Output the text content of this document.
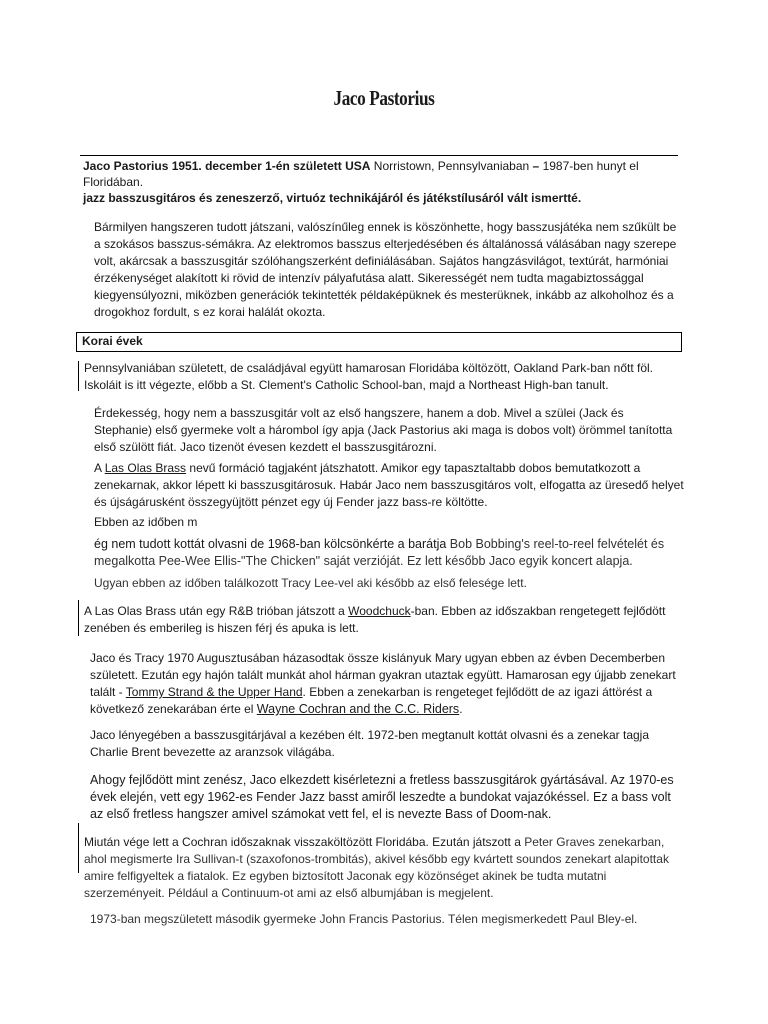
Jaco Pastorius
Jaco Pastorius 1951. december 1-én született USA Norristown, Pennsylvaniaban – 1987-ben hunyt el Floridában.
jazz basszusgitáros és zeneszerző, virtuóz technikájáról és játékstílusáról vált ismertté.
Bármilyen hangszeren tudott játszani, valószínűleg ennek is köszönhette, hogy basszusjátéka nem szűkült be a szokásos basszus-sémákra. Az elektromos basszus elterjedésében és általánossá válásában nagy szerepe volt, akárcsak a basszusgitár szólóhangszerként definiálásában. Sajátos hangzásvilágot, textúrát, harmóniai érzékenységet alakított ki rövid de intenzív pályafutása alatt. Sikerességét nem tudta magabiztossággal kiegyensúlyozni, miközben generációk tekintették példaképüknek és mesterüknek, inkább az alkoholhoz és a drogokhoz fordult, s ez korai halálát okozta.
Korai évek
Pennsylvaniában született, de családjával együtt hamarosan Floridába költözött, Oakland Park-ban nőtt föl. Iskoláit is itt végezte, előbb a St. Clement's Catholic School-ban, majd a Northeast High-ban tanult.
Érdekesség, hogy nem a basszusgitár volt az első hangszere, hanem a dob. Mivel a szülei (Jack és Stephanie) első gyermeke volt a hárombol így apja (Jack Pastorius aki maga is dobos volt) örömmel tanította első szülött fiát. Jaco tizenöt évesen kezdett el basszusgitározni.
A Las Olas Brass nevű formáció tagjaként játszhatott. Amikor egy tapasztaltabb dobos bemutatkozott a zenekarnak, akkor lépett ki basszusgitárosuk. Habár Jaco nem basszusgitáros volt, elfogatta az üresedő helyet és újságárusként összegyüjtött pénzet egy új Fender jazz bass-re költötte.
Ebben az időben m
ég nem tudott kottát olvasni de 1968-ban kölcsönkérte a barátja Bob Bobbing's reel-to-reel felvételét és megalkotta Pee-Wee Ellis-"The Chicken" saját verzióját. Ez lett később Jaco egyik koncert alapja.
Ugyan ebben az időben találkozott Tracy Lee-vel aki később az első felesége lett.
A Las Olas Brass után egy R&B trióban játszott a Woodchuck-ban. Ebben az időszakban rengetegett fejlődött zenében és emberileg is hiszen férj és apuka is lett.
Jaco és Tracy 1970 Augusztusában házasodtak össze kislányuk Mary ugyan ebben az évben Decemberben született. Ezután egy hajón talált munkát ahol hárman gyakran utaztak együtt. Hamarosan egy újjabb zenekart talált - Tommy Strand & the Upper Hand. Ebben a zenekarban is rengeteget fejlődött de az igazi áttörést a következő zenekarában érte el Wayne Cochran and the C.C. Riders.
Jaco lényegében a basszusgitárjával a kezében élt. 1972-ben megtanult kottát olvasni és a zenekar tagja Charlie Brent bevezette az aranzsok világába.
Ahogy fejlődött mint zenész, Jaco elkezdett kisérletezni a fretless basszusgitárok gyártásával. Az 1970-es évek elején, vett egy 1962-es Fender Jazz basst amiről leszedte a bundokat vajazókéssel. Ez a bass volt az első fretless hangszer amivel számokat vett fel, el is nevezte Bass of Doom-nak.
Miután vége lett a Cochran időszaknak visszaköltözött Floridába. Ezután játszott a Peter Graves zenekarban, ahol megismerte Ira Sullivan-t (szaxofonos-trombitás), akivel később egy kvártett soundos zenekart alapitottak amire felfigyeltek a fiatalok. Ez egyben biztosított Jaconak egy közönséget akinek be tudta mutatni szerzeményeit. Például a Continuum-ot ami az első albumjában is megjelent.
1973-ban megszületett második gyermeke John Francis Pastorius. Télen megismerkedett Paul Bley-el.
